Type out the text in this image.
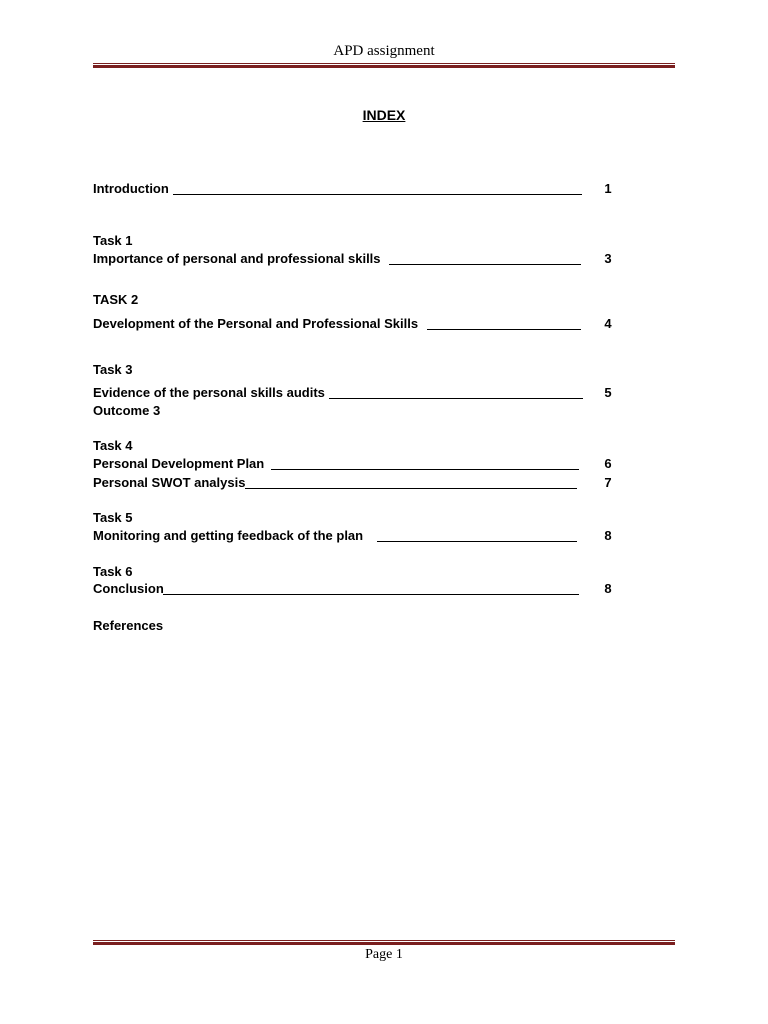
APD assignment
INDEX
Introduction	1
Task 1
Importance of personal and professional skills	3
TASK 2
Development of the Personal and Professional Skills	4
Task 3
Evidence of the personal skills audits	5
Outcome 3
Task 4
Personal Development Plan	6
Personal SWOT analysis	7
Task 5
Monitoring and getting feedback of the plan	8
Task 6
Conclusion	8
References
Page 1
